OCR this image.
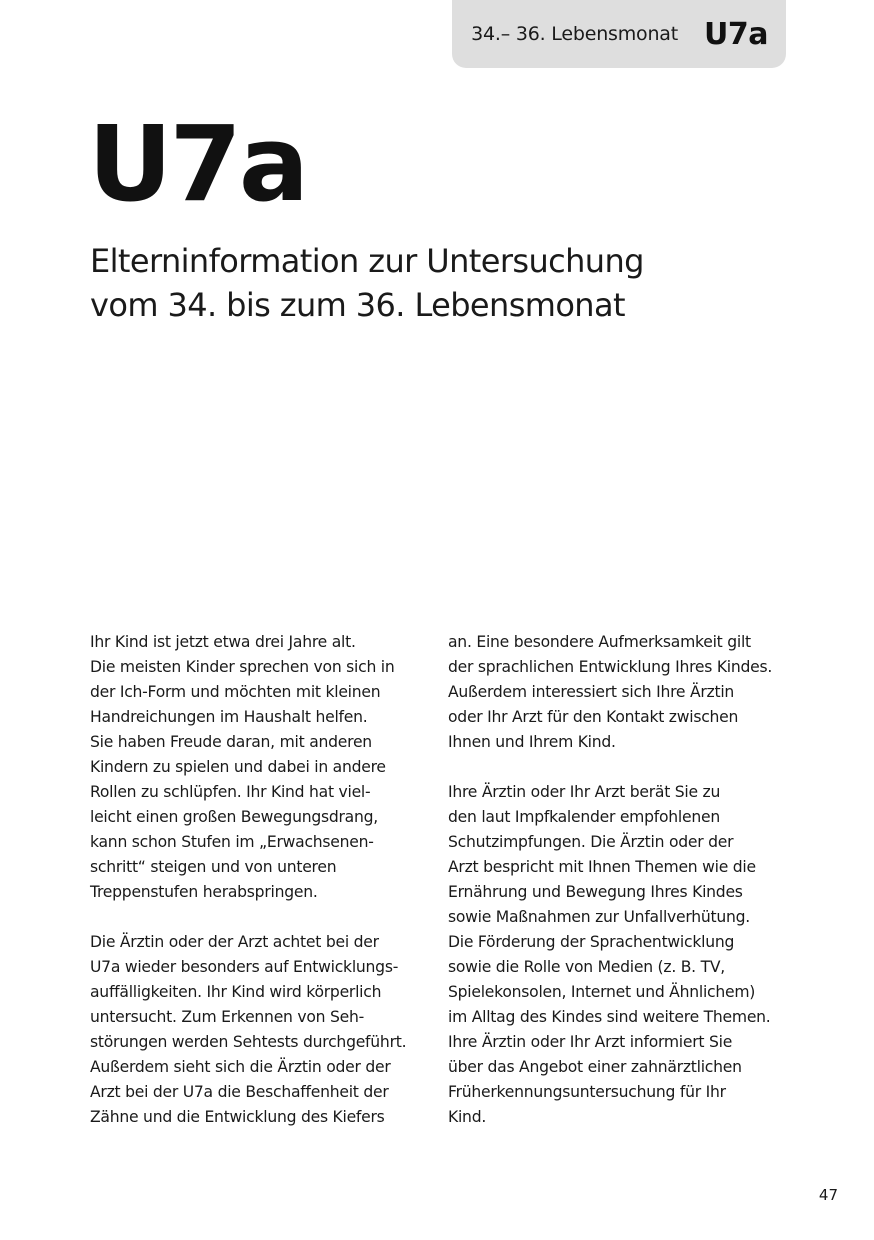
34.– 36. Lebensmonat U7a
U7a
Elterninformation zur Untersuchung
vom 34. bis zum 36. Lebensmonat

Ihr Kind ist jetzt etwa drei Jahre alt.
Die meisten Kinder sprechen von sich in
der Ich-Form und möchten mit kleinen
Handreichungen im Haushalt helfen.
Sie haben Freude daran, mit anderen
Kindern zu spielen und dabei in andere
Rollen zu schlüpfen. Ihr Kind hat viel-
leicht einen großen Bewegungsdrang,
kann schon Stufen im „Erwachsenen-
schritt“ steigen und von unteren
Treppenstufen herabspringen.

Die Ärztin oder der Arzt achtet bei der
U7a wieder besonders auf Entwicklungs-
auffälligkeiten. Ihr Kind wird körperlich
untersucht. Zum Erkennen von Seh-
störungen werden Sehtests durchgeführt.
Außerdem sieht sich die Ärztin oder der
Arzt bei der U7a die Beschaffenheit der
Zähne und die Entwicklung des Kiefers

an. Eine besondere Aufmerksamkeit gilt
der sprachlichen Entwicklung Ihres Kindes.
Außerdem interessiert sich Ihre Ärztin
oder Ihr Arzt für den Kontakt zwischen
Ihnen und Ihrem Kind.

Ihre Ärztin oder Ihr Arzt berät Sie zu
den laut Impfkalender empfohlenen
Schutzimpfungen. Die Ärztin oder der
Arzt bespricht mit Ihnen Themen wie die
Ernährung und Bewegung Ihres Kindes
sowie Maßnahmen zur Unfallverhütung.
Die Förderung der Sprachentwicklung
sowie die Rolle von Medien (z. B. TV,
Spielekonsolen, Internet und Ähnlichem)
im Alltag des Kindes sind weitere Themen.
Ihre Ärztin oder Ihr Arzt informiert Sie
über das Angebot einer zahnärztlichen
Früherkennungsuntersuchung für Ihr
Kind.

47
